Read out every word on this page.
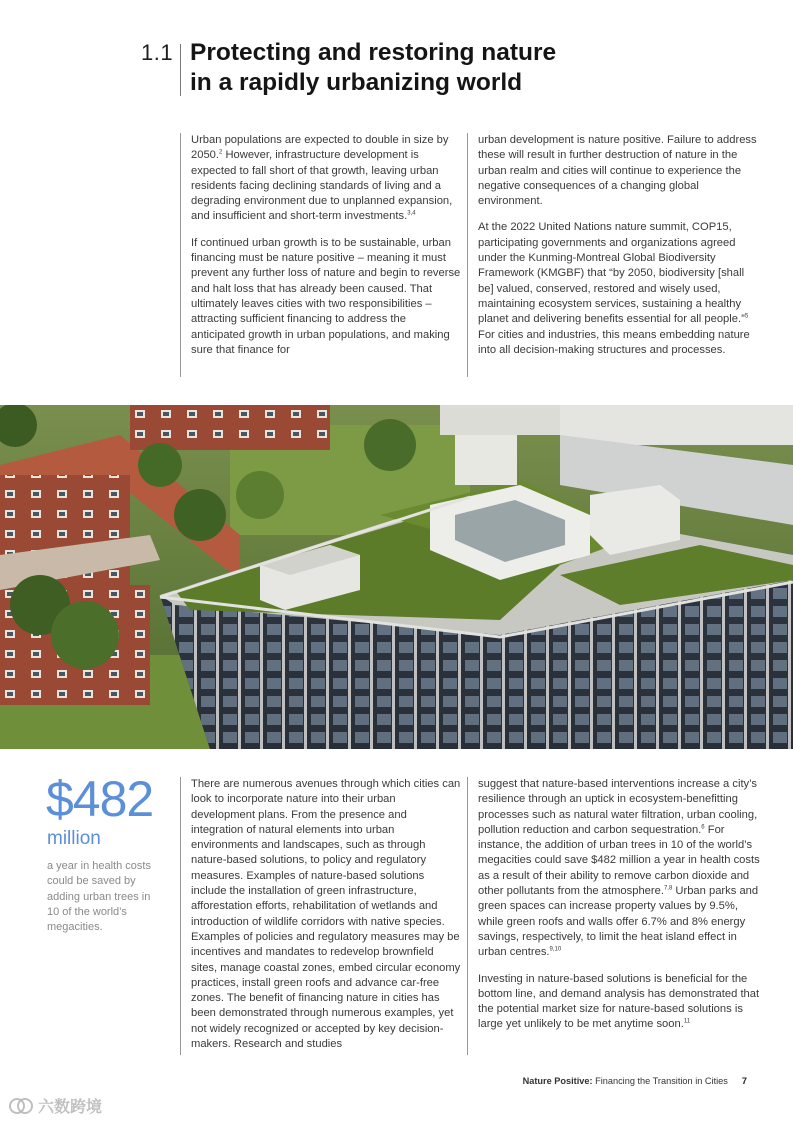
1.1 Protecting and restoring nature
in a rapidly urbanizing world

Urban populations are expected to double in size by 2050.$^2$ However, infrastructure development is expected to fall short of that growth, leaving urban residents facing declining standards of living and a degrading environment due to unplanned expansion, and insufficient and short-term investments.$^{3,4}$

If continued urban growth is to be sustainable, urban financing must be nature positive – meaning it must prevent any further loss of nature and begin to reverse and halt loss that has already been caused. That ultimately leaves cities with two responsibilities – attracting sufficient financing to address the anticipated growth in urban populations, and making sure that finance for

urban development is nature positive. Failure to address these will result in further destruction of nature in the urban realm and cities will continue to experience the negative consequences of a changing global environment.

At the 2022 United Nations nature summit, COP15, participating governments and organizations agreed under the Kunming-Montreal Global Biodiversity Framework (KMGBF) that “by 2050, biodiversity [shall be] valued, conserved, restored and wisely used, maintaining ecosystem services, sustaining a healthy planet and delivering benefits essential for all people.”$^5$ For cities and industries, this means embedding nature into all decision-making structures and processes.

$482
million
a year in health costs could be saved by adding urban trees in 10 of the world’s megacities.

There are numerous avenues through which cities can look to incorporate nature into their urban development plans. From the presence and integration of natural elements into urban environments and landscapes, such as through nature-based solutions, to policy and regulatory measures. Examples of nature-based solutions include the installation of green infrastructure, afforestation efforts, rehabilitation of wetlands and introduction of wildlife corridors with native species. Examples of policies and regulatory measures may be incentives and mandates to redevelop brownfield sites, manage coastal zones, embed circular economy practices, install green roofs and advance car-free zones. The benefit of financing nature in cities has been demonstrated through numerous examples, yet not widely recognized or accepted by key decision-makers. Research and studies

suggest that nature-based interventions increase a city’s resilience through an uptick in ecosystem-benefitting processes such as natural water filtration, urban cooling, pollution reduction and carbon sequestration.$^6$ For instance, the addition of urban trees in 10 of the world’s megacities could save $482 million a year in health costs as a result of their ability to remove carbon dioxide and other pollutants from the atmosphere.$^{7,8}$ Urban parks and green spaces can increase property values by 9.5%, while green roofs and walls offer 6.7% and 8% energy savings, respectively, to limit the heat island effect in urban centres.$^{9,10}$

Investing in nature-based solutions is beneficial for the bottom line, and demand analysis has demonstrated that the potential market size for nature-based solutions is large yet unlikely to be met anytime soon.$^{11}$

Nature Positive: Financing the Transition in Cities 7
六数跨境
